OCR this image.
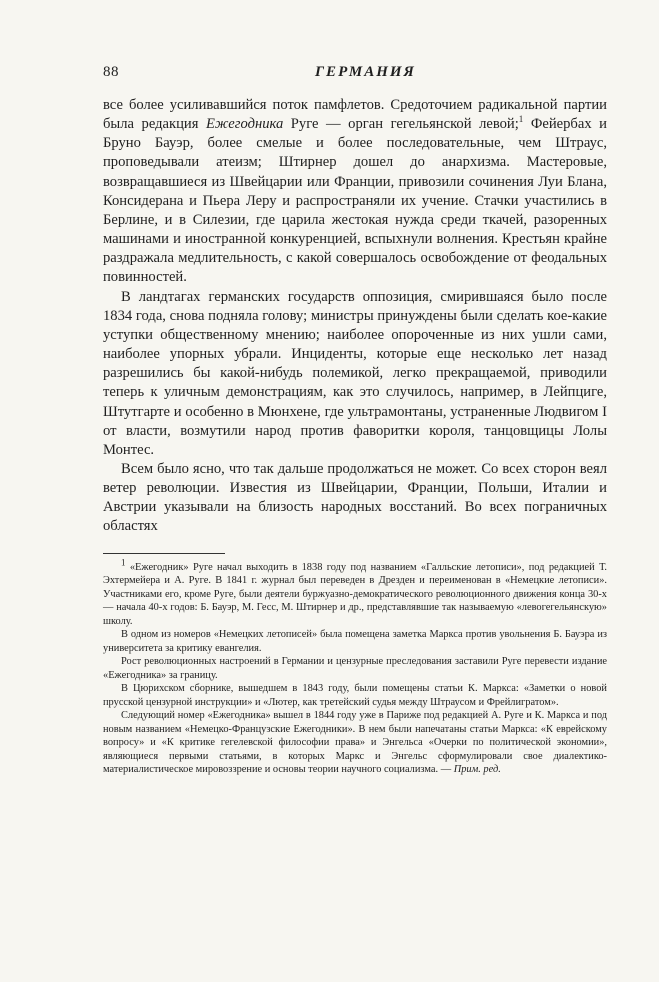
88	ГЕРМАНИЯ

все более усиливавшийся поток памфлетов. Средоточием радикальной партии была редакция Ежегодника Руге — орган гегельянской левой;$^1$ Фейербах и Бруно Бауэр, более смелые и более последовательные, чем Штраус, проповедывали атеизм; Штирнер дошел до анархизма. Мастеровые, возвращавшиеся из Швейцарии или Франции, привозили сочинения Луи Блана, Консидерана и Пьера Леру и распространяли их учение. Стачки участились в Берлине, и в Силезии, где царила жестокая нужда среди ткачей, разоренных машинами и иностранной конкуренцией, вспыхнули волнения. Крестьян крайне раздражала медлительность, с какой совершалось освобождение от феодальных повинностей.

В ландтагах германских государств оппозиция, смирившаяся было после 1834 года, снова подняла голову; министры принуждены были сделать кое-какие уступки общественному мнению; наиболее опороченные из них ушли сами, наиболее упорных убрали. Инциденты, которые еще несколько лет назад разрешились бы какой-нибудь полемикой, легко прекращаемой, приводили теперь к уличным демонстрациям, как это случилось, например, в Лейпциге, Штутгарте и особенно в Мюнхене, где ультрамонтаны, устраненные Людвигом I от власти, возмутили народ против фаворитки короля, танцовщицы Лолы Монтес.

Всем было ясно, что так дальше продолжаться не может. Со всех сторон веял ветер революции. Известия из Швейцарии, Франции, Польши, Италии и Австрии указывали на близость народных восстаний. Во всех пограничных областях

$^1$ «Ежегодник» Руге начал выходить в 1838 году под названием «Галльские летописи», под редакцией Т. Эхтермейера и А. Руге. В 1841 г. журнал был переведен в Дрезден и переименован в «Немецкие летописи». Участниками его, кроме Руге, были деятели буржуазно-демократического революционного движения конца 30-х — начала 40-х годов: Б. Бауэр, М. Гесс, М. Штирнер и др., представлявшие так называемую «левогегельянскую» школу.

В одном из номеров «Немецких летописей» была помещена заметка Маркса против увольнения Б. Бауэра из университета за критику евангелия.

Рост революционных настроений в Германии и цензурные преследования заставили Руге перевести издание «Ежегодника» за границу.

В Цюрихском сборнике, вышедшем в 1843 году, были помещены статьи К. Маркса: «Заметки о новой прусской цензурной инструкции» и «Лютер, как третейский судья между Штраусом и Фрейлигратом».

Следующий номер «Ежегодника» вышел в 1844 году уже в Париже под редакцией А. Руге и К. Маркса и под новым названием «Немецко-Французские Ежегодники». В нем были напечатаны статьи Маркса: «К еврейскому вопросу» и «К критике гегелевской философии права» и Энгельса «Очерки по политической экономии», являющиеся первыми статьями, в которых Маркс и Энгельс сформулировали свое диалектико-материалистическое мировоззрение и основы теории научного социализма. — Прим. ред.
